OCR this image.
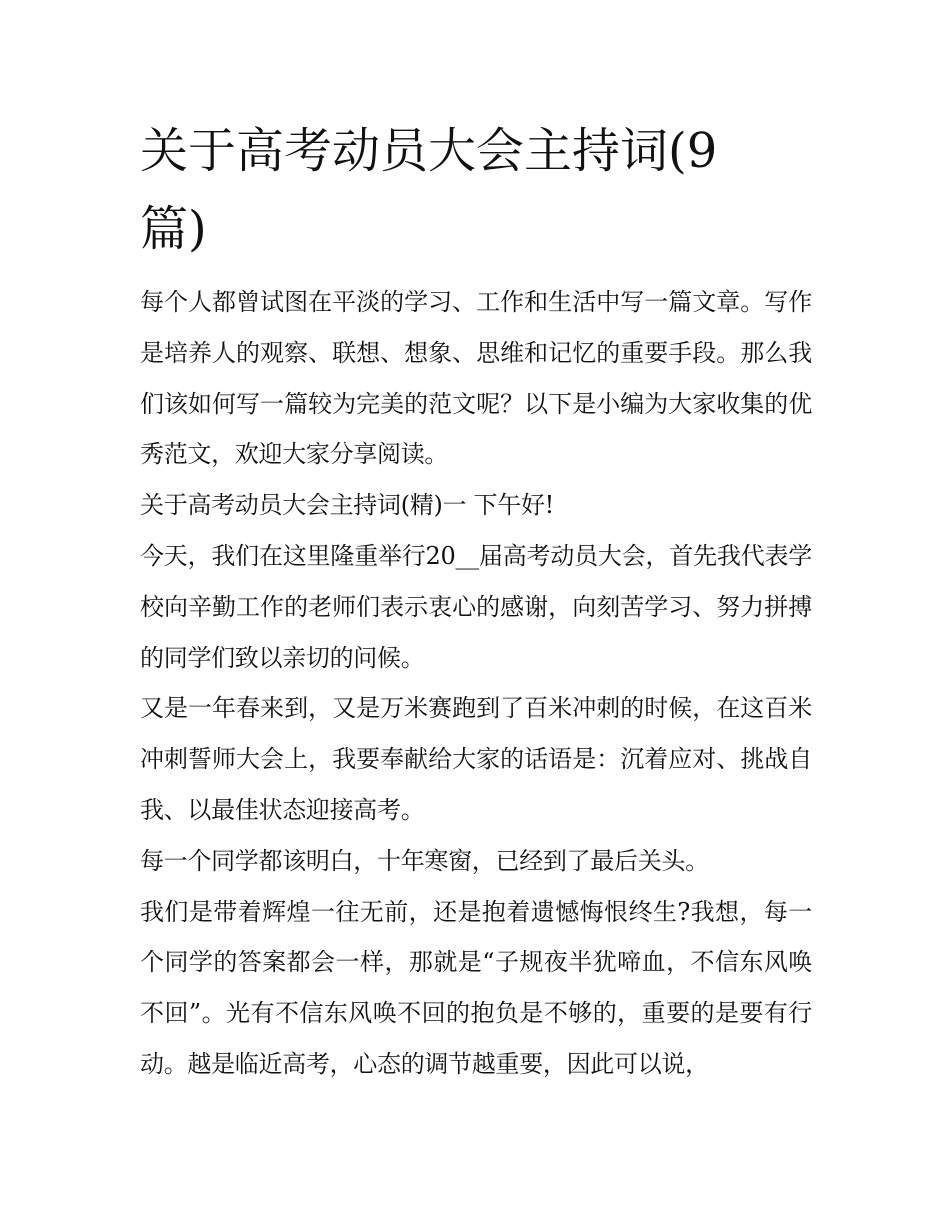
关于高考动员大会主持词(9篇)

每个人都曾试图在平淡的学习、工作和生活中写一篇文章。写作是培养人的观察、联想、想象、思维和记忆的重要手段。那么我们该如何写一篇较为完美的范文呢？以下是小编为大家收集的优秀范文，欢迎大家分享阅读。

关于高考动员大会主持词(精)一 下午好!

今天，我们在这里隆重举行20__届高考动员大会，首先我代表学校向辛勤工作的老师们表示衷心的感谢，向刻苦学习、努力拼搏的同学们致以亲切的问候。

又是一年春来到，又是万米赛跑到了百米冲刺的时候，在这百米冲刺誓师大会上，我要奉献给大家的话语是：沉着应对、挑战自我、以最佳状态迎接高考。

每一个同学都该明白，十年寒窗，已经到了最后关头。

我们是带着辉煌一往无前，还是抱着遗憾悔恨终生?我想，每一个同学的答案都会一样，那就是“子规夜半犹啼血，不信东风唤不回”。光有不信东风唤不回的抱负是不够的，重要的是要有行动。越是临近高考，心态的调节越重要，因此可以说，
